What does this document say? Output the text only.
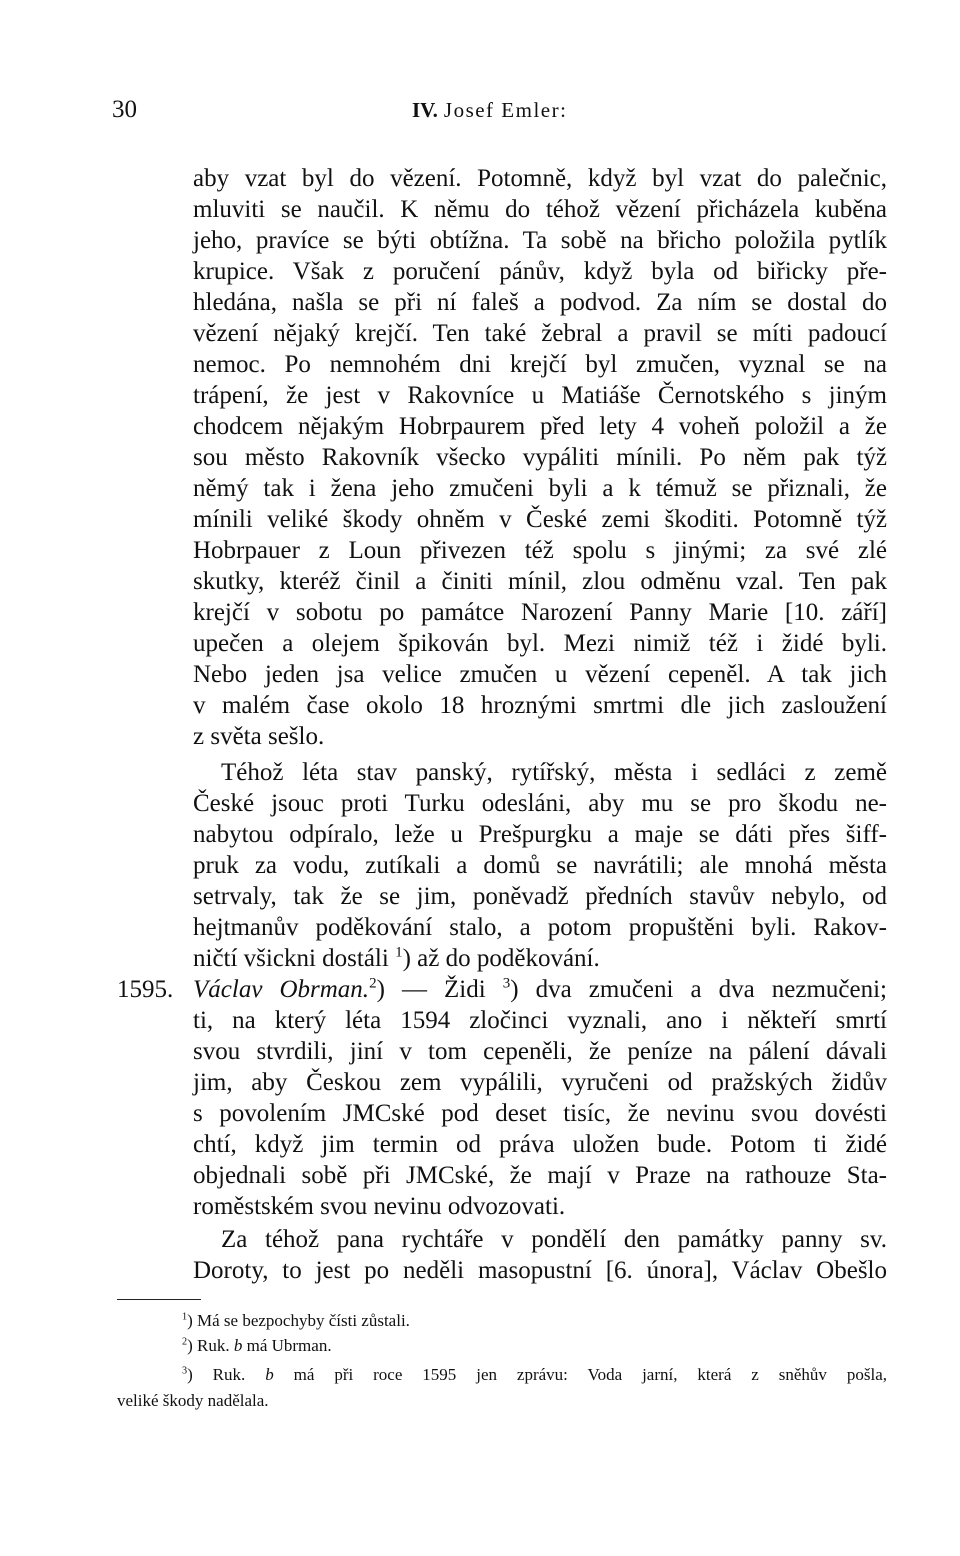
30	IV. Josef Emler:
aby vzat byl do vězení. Potomně, když byl vzat do palečnic,
mluviti se naučil. K němu do téhož vězení přicházela kuběna
jeho, pravíce se býti obtížna. Ta sobě na břicho položila pytlík
krupice. Však z poručení pánův, když byla od biřicky pře-
hledána, našla se při ní faleš a podvod. Za ním se dostal do
vězení nějaký krejčí. Ten také žebral a pravil se míti padoucí
nemoc. Po nemnohém dni krejčí byl zmučen, vyznal se na
trápení, že jest v Rakovníce u Matiáše Černotského s jiným
chodcem nějakým Hobrpaurem před lety 4 voheň položil a že
sou město Rakovník všecko vypáliti mínili. Po něm pak týž
němý tak i žena jeho zmučeni byli a k témuž se přiznali, že
mínili veliké škody ohněm v České zemi škoditi. Potomně týž
Hobrpauer z Loun přivezen též spolu s jinými; za své zlé
skutky, kteréž činil a činiti mínil, zlou odměnu vzal. Ten pak
krejčí v sobotu po památce Narození Panny Marie [10. září]
upečen a olejem špikován byl. Mezi nimiž též i židé byli.
Nebo jeden jsa velice zmučen u vězení cepeněl. A tak jich
v malém čase okolo 18 hroznými smrtmi dle jich zasloužení
z světa sešlo.
Téhož léta stav panský, rytířský, města i sedláci z země
České jsouc proti Turku odesláni, aby mu se pro škodu ne-
nabytou odpíralo, leže u Prešpurgku a maje se dáti přes šiff-
pruk za vodu, zutíkali a domů se navrátili; ale mnohá města
setrvaly, tak že se jim, poněvadž předních stavův nebylo, od
hejtmanův poděkování stalo, a potom propuštěni byli. Rakov-
ničtí všickni dostáli $^1$) až do poděkování.
1595. Václav Obrman.$^2$) — Židi $^3$) dva zmučeni a dva nezmučeni;
ti, na který léta 1594 zločinci vyznali, ano i někteří smrtí
svou stvrdili, jiní v tom cepeněli, že peníze na pálení dávali
jim, aby Českou zem vypálili, vyručeni od pražských židův
s povolením JMCské pod deset tisíc, že nevinu svou dovésti
chtí, když jim termin od práva uložen bude. Potom ti židé
objednali sobě při JMCské, že mají v Praze na rathouze Sta-
roměstském svou nevinu odvozovati.
Za téhož pana rychtáře v pondělí den památky panny sv.
Doroty, to jest po neděli masopustní [6. února], Václav Obešlo
$^1$) Má se bezpochyby čísti zůstali.
$^2$) Ruk. b má Ubrman.
$^3$) Ruk. b má při roce 1595 jen zprávu: Voda jarní, která z sněhův pošla,
veliké škody nadělala.
